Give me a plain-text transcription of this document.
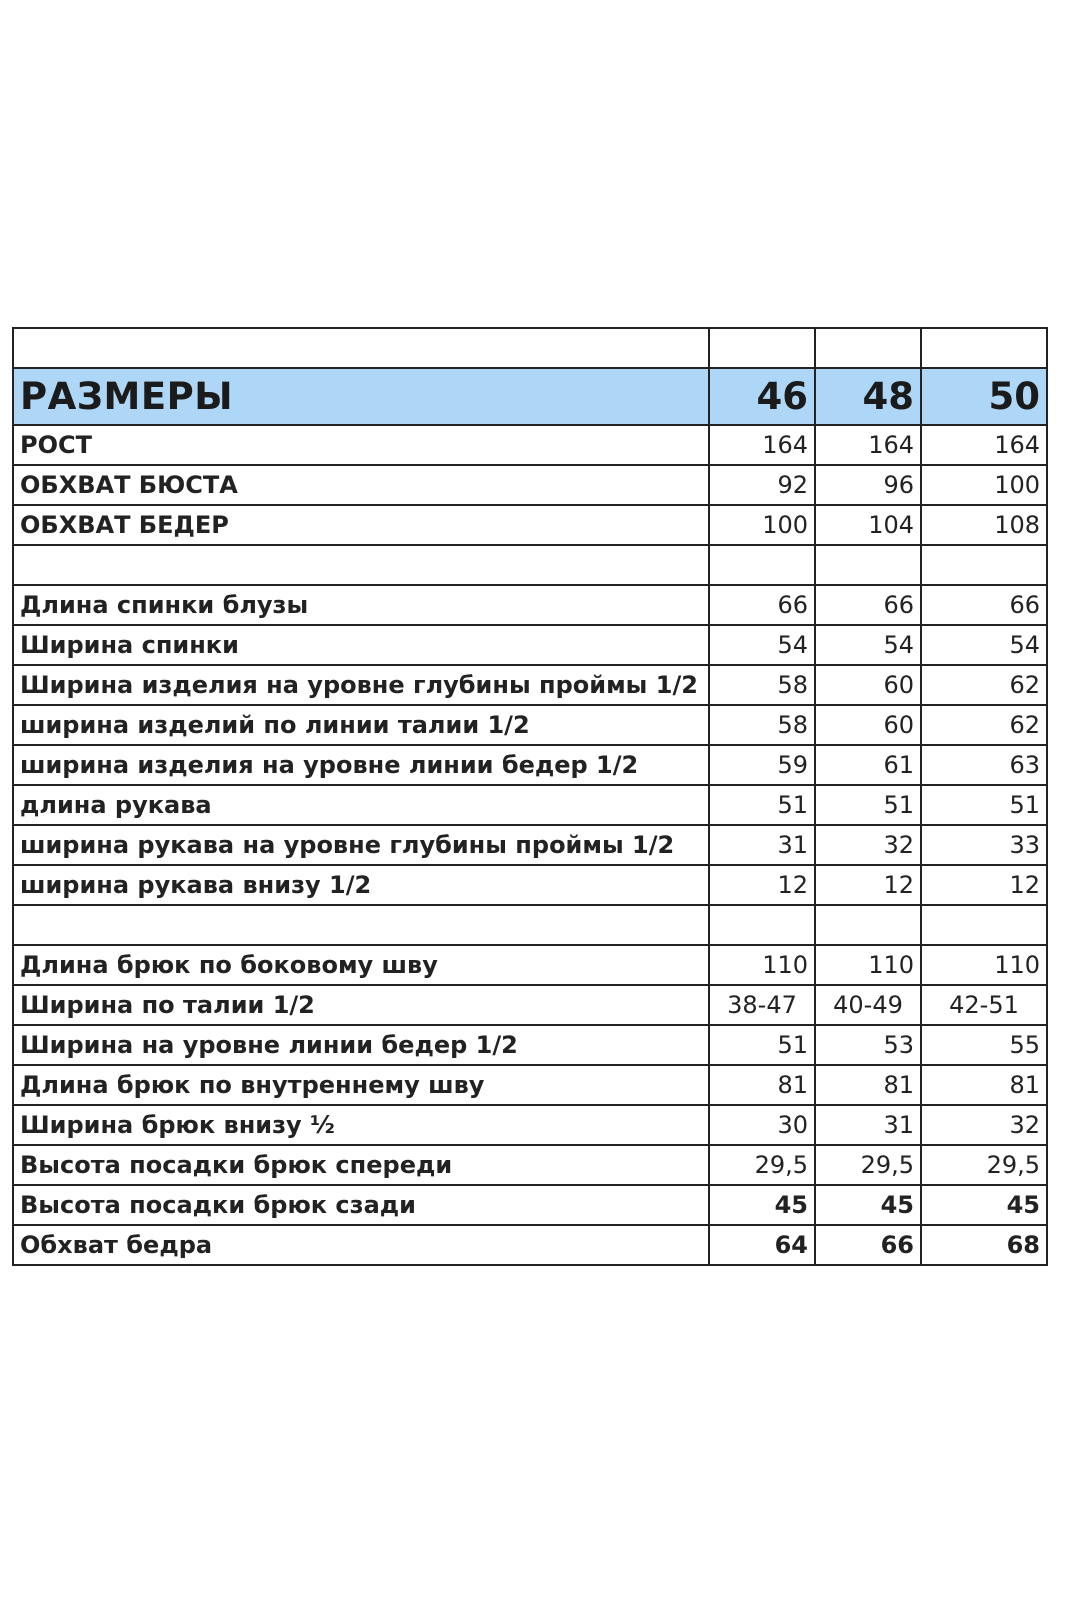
РАЗМЕРЫ	46	48	50
РОСТ	164	164	164
ОБХВАТ БЮСТА	92	96	100
ОБХВАТ БЕДЕР	100	104	108

Длина спинки блузы	66	66	66
Ширина спинки	54	54	54
Ширина изделия на уровне глубины проймы 1/2	58	60	62
ширина изделий по линии талии 1/2	58	60	62
ширина изделия на уровне линии бедер 1/2	59	61	63
длина рукава	51	51	51
ширина рукава на уровне глубины проймы 1/2	31	32	33
ширина рукава внизу 1/2	12	12	12

Длина брюк по боковому шву	110	110	110
Ширина по талии 1/2	38-47	40-49	42-51
Ширина на уровне линии бедер 1/2	51	53	55
Длина брюк по внутреннему шву	81	81	81
Ширина брюк внизу ½	30	31	32
Высота посадки брюк спереди	29,5	29,5	29,5
Высота посадки брюк сзади	45	45	45
Обхват бедра	64	66	68
